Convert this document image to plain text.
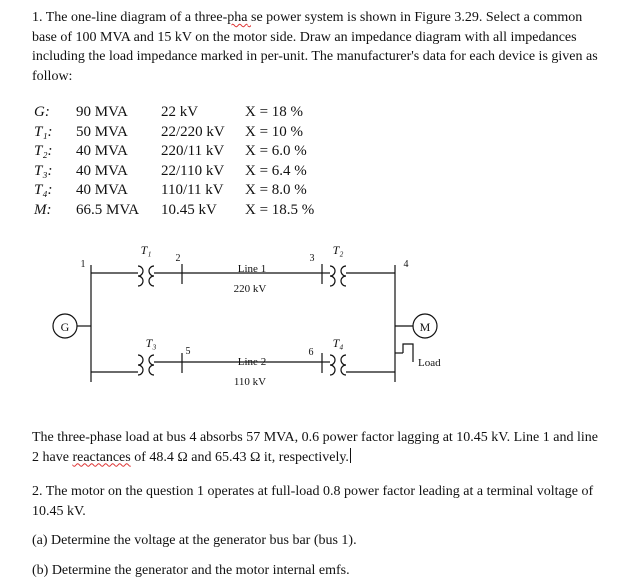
1. The one-line diagram of a three-pha se power system is shown in Figure 3.29. Select a common base of 100 MVA and 15 kV on the motor side. Draw an impedance diagram with all impedances including the load impedance marked in per-unit. The manufacturer's data for each device is given as follow:
G:	90 MVA	22 kV	X = 18 %
T₁:	50 MVA	22/220 kV	X = 10 %
T₂:	40 MVA	220/11 kV	X = 6.0 %
T₃:	40 MVA	22/110 kV	X = 6.4 %
T₄:	40 MVA	110/11 kV	X = 8.0 %
M:	66.5 MVA	10.45 kV	X = 18.5 %
G	M
T₁	T₂
T₃	T₄
1
2	3
4
5	6
Line 1
220 kV
Line 2
110 kV
Load
The three-phase load at bus 4 absorbs 57 MVA, 0.6 power factor lagging at 10.45 kV. Line 1 and line 2 have reactances of 48.4 Ω and 65.43 Ω it, respectively.
2. The motor on the question 1 operates at full-load 0.8 power factor leading at a terminal voltage of 10.45 kV.
(a) Determine the voltage at the generator bus bar (bus 1).
(b) Determine the generator and the motor internal emfs.
